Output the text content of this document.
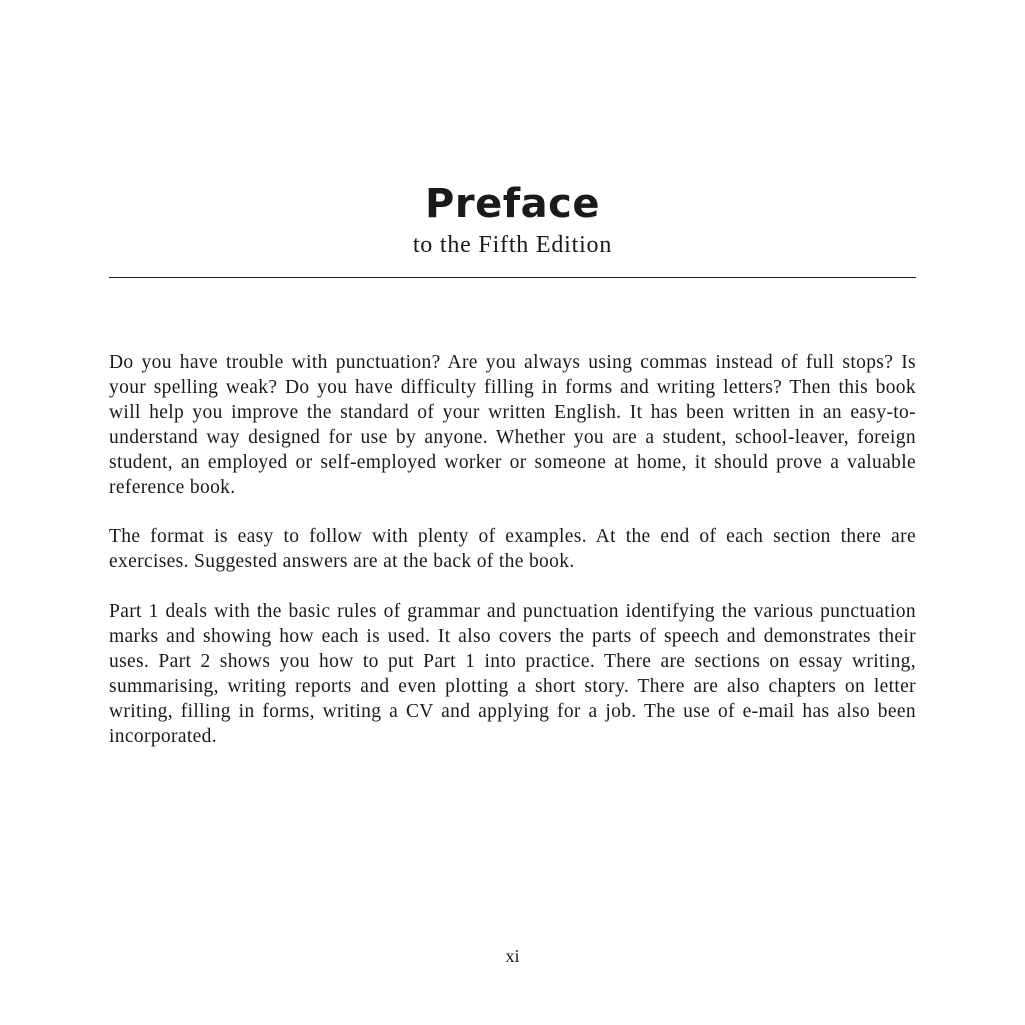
Preface
to the Fifth Edition

Do you have trouble with punctuation? Are you always using commas instead of full stops? Is your spelling weak? Do you have difficulty filling in forms and writing letters? Then this book will help you improve the standard of your written English. It has been written in an easy-to-understand way designed for use by anyone. Whether you are a student, school-leaver, foreign student, an employed or self-employed worker or someone at home, it should prove a valuable reference book.

The format is easy to follow with plenty of examples. At the end of each section there are exercises. Suggested answers are at the back of the book.

Part 1 deals with the basic rules of grammar and punctuation identifying the various punctuation marks and showing how each is used. It also covers the parts of speech and demonstrates their uses. Part 2 shows you how to put Part 1 into practice. There are sections on essay writing, summarising, writing reports and even plotting a short story. There are also chapters on letter writing, filling in forms, writing a CV and applying for a job. The use of e-mail has also been incorporated.

xi
